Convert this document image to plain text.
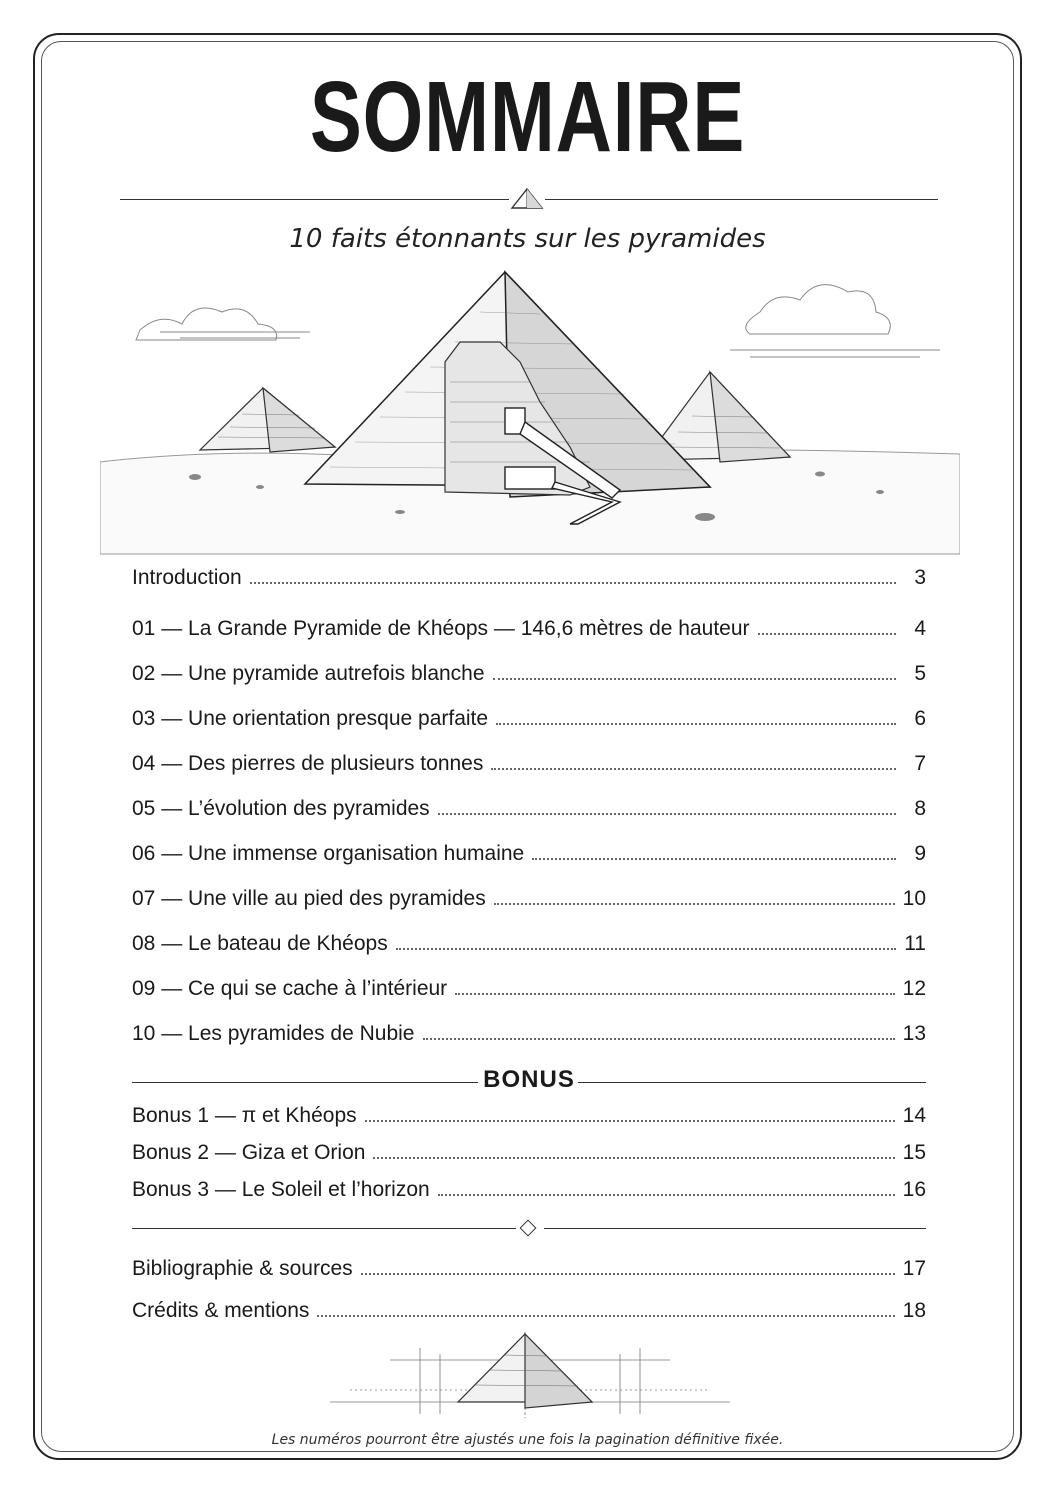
SOMMAIRE
10 faits étonnants sur les pyramides
Introduction	3
01 — La Grande Pyramide de Khéops — 146,6 mètres de hauteur	4
02 — Une pyramide autrefois blanche	5
03 — Une orientation presque parfaite	6
04 — Des pierres de plusieurs tonnes	7
05 — L’évolution des pyramides	8
06 — Une immense organisation humaine	9
07 — Une ville au pied des pyramides	10
08 — Le bateau de Khéops	11
09 — Ce qui se cache à l’intérieur	12
10 — Les pyramides de Nubie	13
BONUS
Bonus 1 — π et Khéops	14
Bonus 2 — Giza et Orion	15
Bonus 3 — Le Soleil et l’horizon	16
Bibliographie & sources	17
Crédits & mentions	18
Les numéros pourront être ajustés une fois la pagination définitive fixée.
